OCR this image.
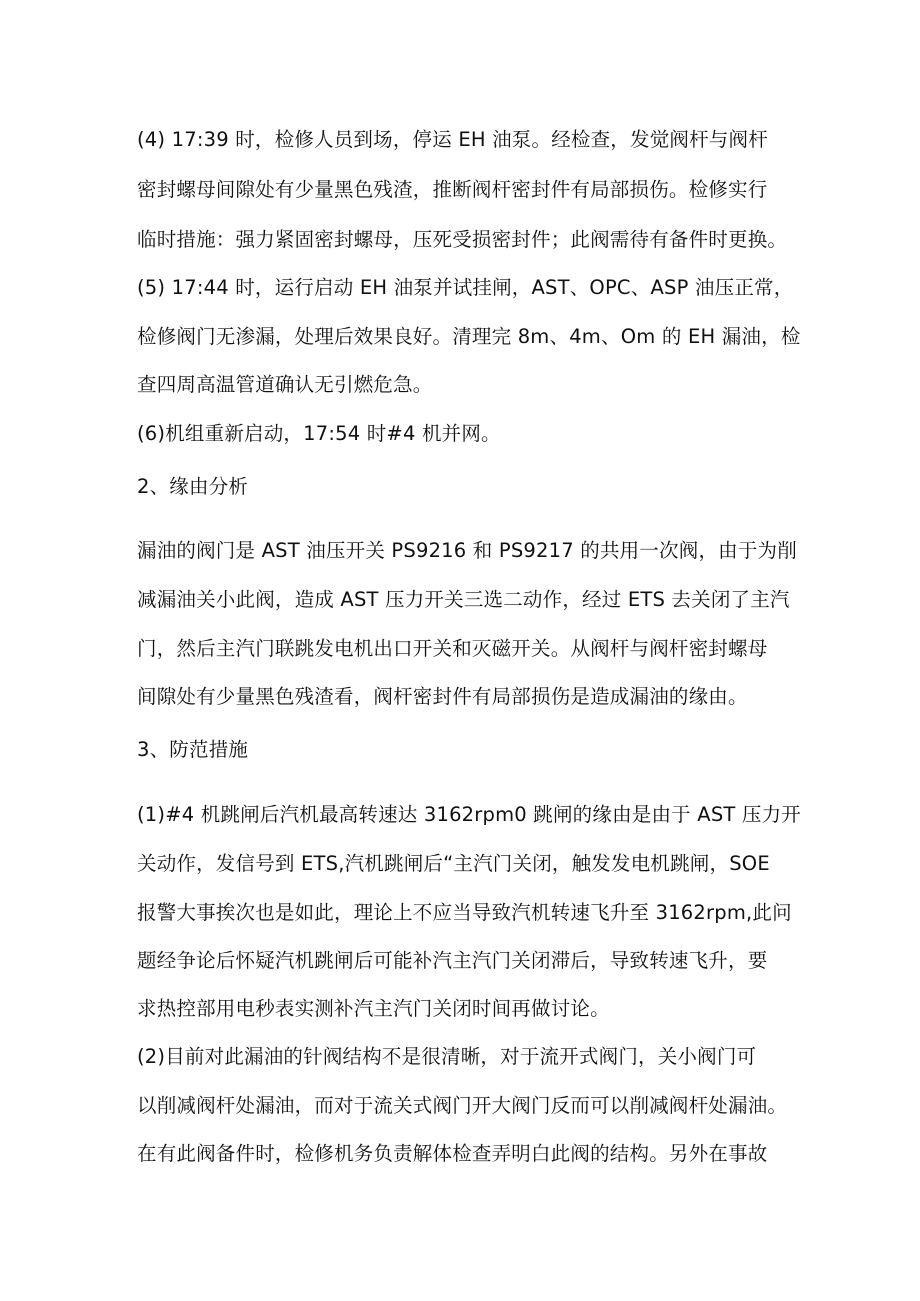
(4) 17:39 时，检修人员到场，停运 EH 油泵。经检查，发觉阀杆与阀杆
密封螺母间隙处有少量黑色残渣，推断阀杆密封件有局部损伤。检修实行
临时措施：强力紧固密封螺母，压死受损密封件；此阀需待有备件时更换。
(5) 17:44 时，运行启动 EH 油泵并试挂闸，AST、OPC、ASP 油压正常，
检修阀门无渗漏，处理后效果良好。清理完 8m、4m、Om 的 EH 漏油，检
查四周高温管道确认无引燃危急。
(6)机组重新启动，17:54 时#4 机并网。
2、缘由分析
漏油的阀门是 AST 油压开关 PS9216 和 PS9217 的共用一次阀，由于为削
减漏油关小此阀，造成 AST 压力开关三选二动作，经过 ETS 去关闭了主汽
门，然后主汽门联跳发电机出口开关和灭磁开关。从阀杆与阀杆密封螺母
间隙处有少量黑色残渣看，阀杆密封件有局部损伤是造成漏油的缘由。
3、防范措施
(1)#4 机跳闸后汽机最高转速达 3162rpm0 跳闸的缘由是由于 AST 压力开
关动作，发信号到 ETS,汽机跳闸后“主汽门关闭，触发发电机跳闸，SOE
报警大事挨次也是如此，理论上不应当导致汽机转速飞升至 3162rpm,此问
题经争论后怀疑汽机跳闸后可能补汽主汽门关闭滞后，导致转速飞升，要
求热控部用电秒表实测补汽主汽门关闭时间再做讨论。
(2)目前对此漏油的针阀结构不是很清晰，对于流开式阀门，关小阀门可
以削减阀杆处漏油，而对于流关式阀门开大阀门反而可以削减阀杆处漏油。
在有此阀备件时，检修机务负责解体检查弄明白此阀的结构。另外在事故
